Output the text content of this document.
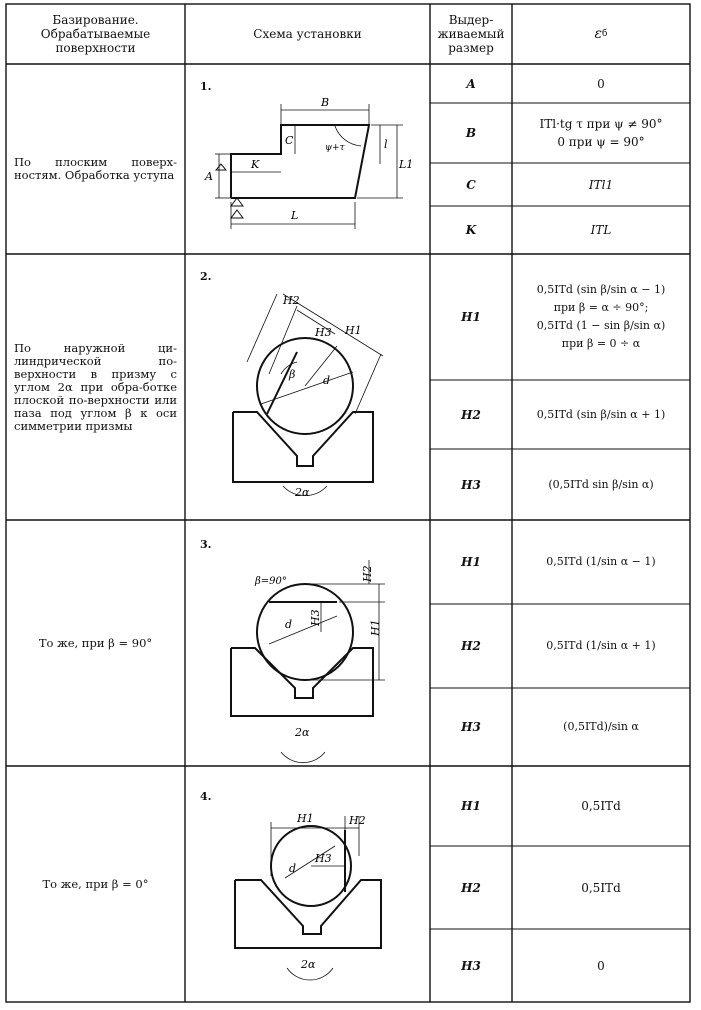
Базирование. Обрабатываемые поверхности
Схема установки
Выдер-живаемый размер
ε б
По плоским поверх-ностям. Обработка уступа
По наружной ци-линдрической по-верхности в призму с углом 2α при обра-ботке плоской по-верхности или паза под углом β к оси симметрии призмы
То же, при β = 90°
То же, при β = 0°
1.
2.
3.
4.
B
C
K
A
L
l
L1
ψ+τ
H2
H3 H1
β	d
2α
β=90°	H2
H3
H1
d
2α
H1	H2
H3
d
2α
A	0
B
ITl·tg τ при ψ ≠ 90°
0 при ψ = 90°
C	ITl1
K	ITL
H1
0,5ITd (sin β/sin α − 1)
при β = α ÷ 90°;
0,5ITd (1 − sin β/sin α)
при β = 0 ÷ α
H2	0,5ITd (sin β/sin α + 1)
H3	(0,5ITd sin β/sin α)
H1	0,5ITd (1/sin α − 1)
H2	0,5ITd (1/sin α + 1)
H3	(0,5ITd)/sin α
H1	0,5ITd
H2	0,5ITd
H3	0
